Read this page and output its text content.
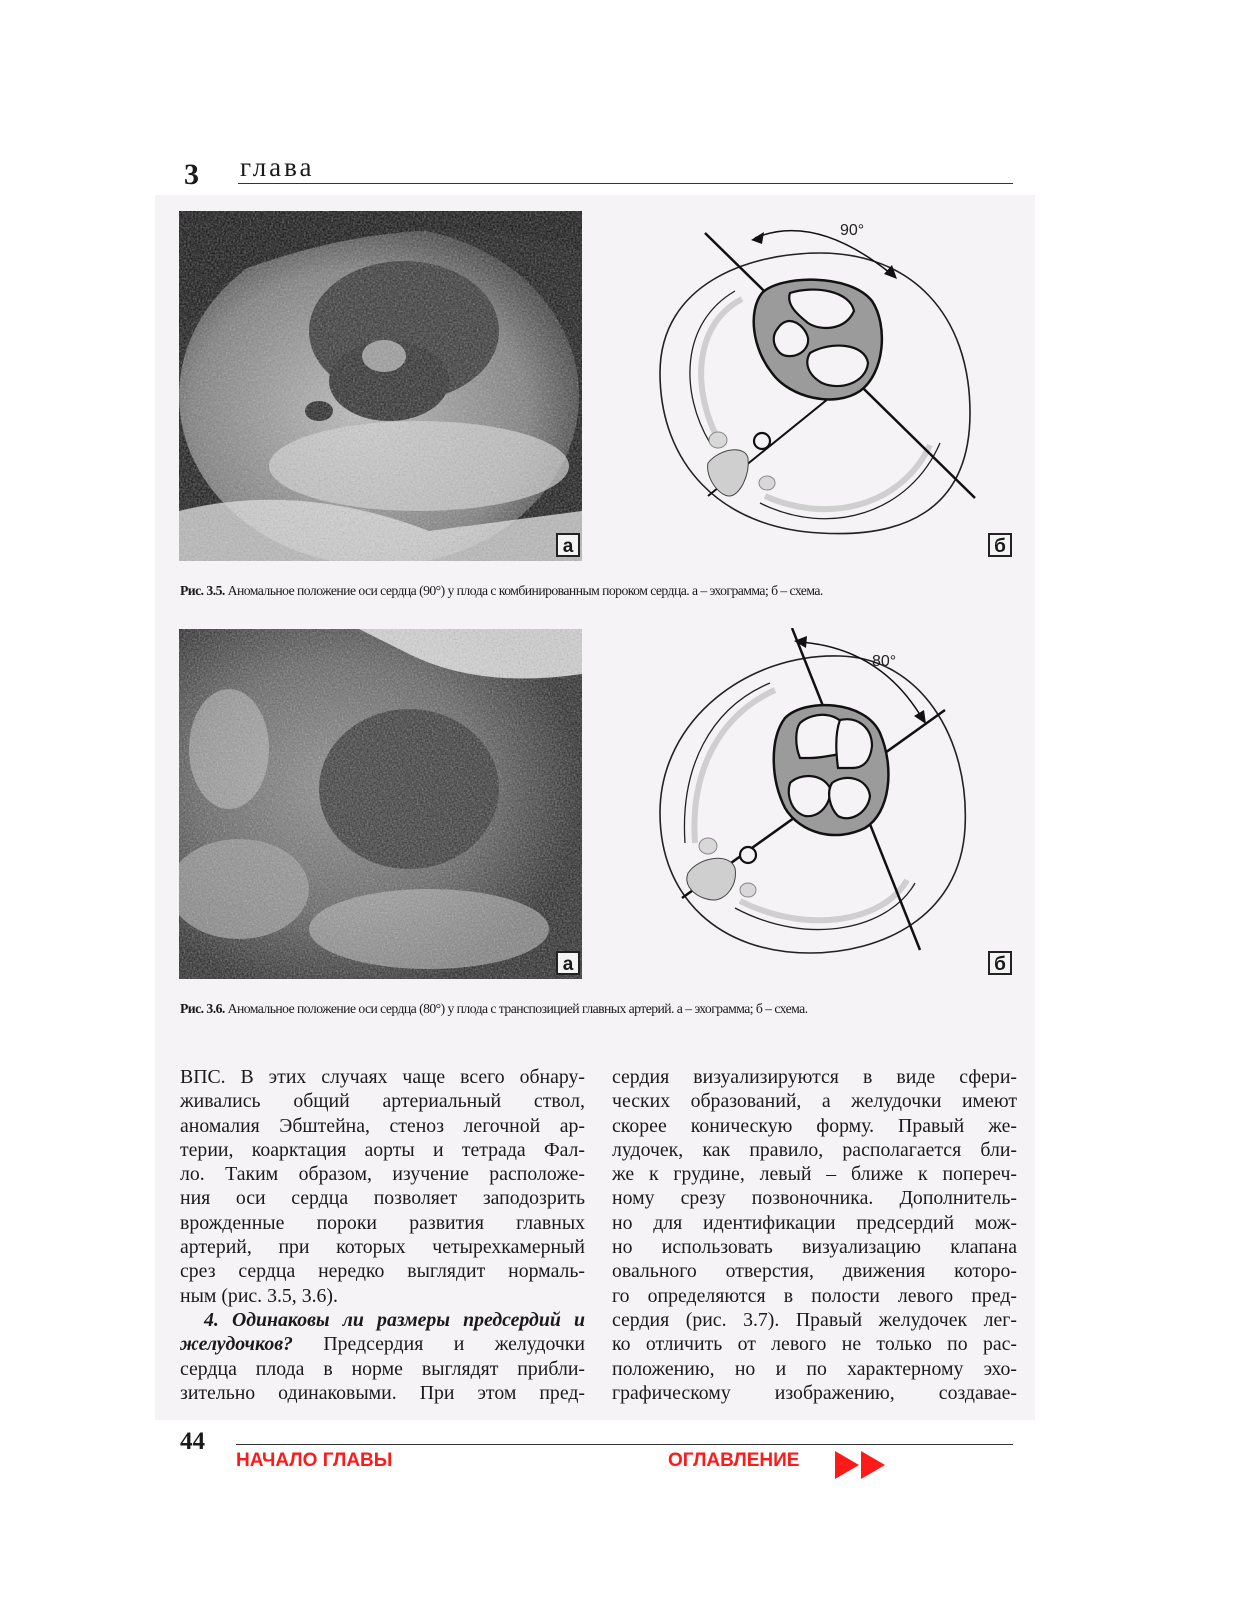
3 глава
а
90°
б
Рис. 3.5. Аномальное положение оси сердца (90°) у плода с комбинированным пороком сердца. а – эхограмма; б – схема.
а
80°
б
Рис. 3.6. Аномальное положение оси сердца (80°) у плода с транспозицией главных артерий. а – эхограмма; б – схема.
ВПС. В этих случаях чаще всего обнару-
живались общий артериальный ствол,
аномалия Эбштейна, стеноз легочной ар-
терии, коарктация аорты и тетрада Фал-
ло. Таким образом, изучение расположе-
ния оси сердца позволяет заподозрить
врожденные пороки развития главных
артерий, при которых четырехкамерный
срез сердца нередко выглядит нормаль-
ным (рис. 3.5, 3.6).
4. Одинаковы ли размеры предсердий и
желудочков? Предсердия и желудочки
сердца плода в норме выглядят прибли-
зительно одинаковыми. При этом пред-
сердия визуализируются в виде сфери-
ческих образований, а желудочки имеют
скорее коническую форму. Правый же-
лудочек, как правило, располагается бли-
же к грудине, левый – ближе к попереч-
ному срезу позвоночника. Дополнитель-
но для идентификации предсердий мож-
но использовать визуализацию клапана
овального отверстия, движения которо-
го определяются в полости левого пред-
сердия (рис. 3.7). Правый желудочек лег-
ко отличить от левого не только по рас-
положению, но и по характерному эхо-
графическому изображению, создавае-
44
НАЧАЛО ГЛАВЫ	ОГЛАВЛЕНИЕ
